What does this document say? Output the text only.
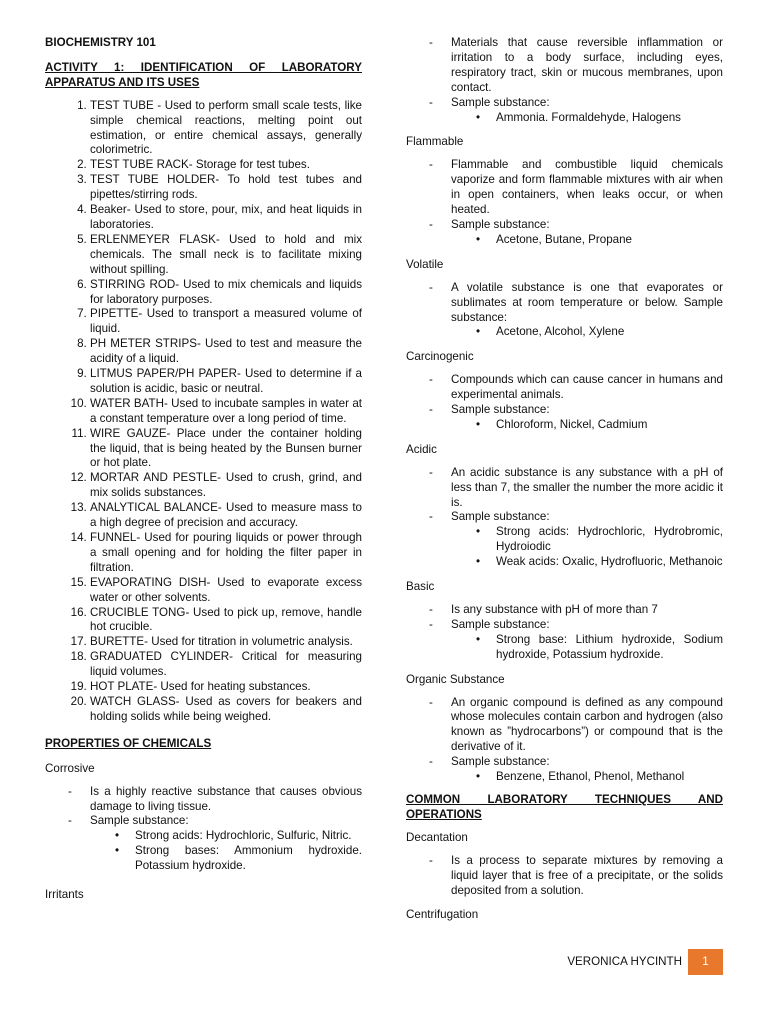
BIOCHEMISTRY 101

ACTIVITY 1: IDENTIFICATION OF LABORATORY

APPARATUS AND ITS USES

1. TEST TUBE - Used to perform small scale tests, like simple chemical reactions, melting point out estimation, or entire chemical assays, generally colorimetric.
2. TEST TUBE RACK- Storage for test tubes.
3. TEST TUBE HOLDER- To hold test tubes and pipettes/stirring rods.
4. Beaker- Used to store, pour, mix, and heat liquids in laboratories.
5. ERLENMEYER FLASK- Used to hold and mix chemicals. The small neck is to facilitate mixing without spilling.
6. STIRRING ROD- Used to mix chemicals and liquids for laboratory purposes.
7. PIPETTE- Used to transport a measured volume of liquid.
8. PH METER STRIPS- Used to test and measure the acidity of a liquid.
9. LITMUS PAPER/PH PAPER- Used to determine if a solution is acidic, basic or neutral.
10. WATER BATH- Used to incubate samples in water at a constant temperature over a long period of time.
11. WIRE GAUZE- Place under the container holding the liquid, that is being heated by the Bunsen burner or hot plate.
12. MORTAR AND PESTLE- Used to crush, grind, and mix solids substances.
13. ANALYTICAL BALANCE- Used to measure mass to a high degree of precision and accuracy.
14. FUNNEL- Used for pouring liquids or power through a small opening and for holding the filter paper in filtration.
15. EVAPORATING DISH- Used to evaporate excess water or other solvents.
16. CRUCIBLE TONG- Used to pick up, remove, handle hot crucible.
17. BURETTE- Used for titration in volumetric analysis.
18. GRADUATED CYLINDER- Critical for measuring liquid volumes.
19. HOT PLATE- Used for heating substances.
20. WATCH GLASS- Used as covers for beakers and holding solids while being weighed.

PROPERTIES OF CHEMICALS

Corrosive

- Is a highly reactive substance that causes obvious damage to living tissue.
- Sample substance:
• Strong acids: Hydrochloric, Sulfuric, Nitric.
• Strong bases: Ammonium hydroxide. Potassium hydroxide.

Irritants

- Materials that cause reversible inflammation or irritation to a body surface, including eyes, respiratory tract, skin or mucous membranes, upon contact.
- Sample substance:
• Ammonia. Formaldehyde, Halogens

Flammable

- Flammable and combustible liquid chemicals vaporize and form flammable mixtures with air when in open containers, when leaks occur, or when heated.
- Sample substance:
• Acetone, Butane, Propane

Volatile

- A volatile substance is one that evaporates or sublimates at room temperature or below. Sample substance:
• Acetone, Alcohol, Xylene

Carcinogenic

- Compounds which can cause cancer in humans and experimental animals.
- Sample substance:
• Chloroform, Nickel, Cadmium

Acidic

- An acidic substance is any substance with a pH of less than 7, the smaller the number the more acidic it is.
- Sample substance:
• Strong acids: Hydrochloric, Hydrobromic, Hydroiodic
• Weak acids: Oxalic, Hydrofluoric, Methanoic

Basic

- Is any substance with pH of more than 7
- Sample substance:
• Strong base: Lithium hydroxide, Sodium hydroxide, Potassium hydroxide.

Organic Substance

- An organic compound is defined as any compound whose molecules contain carbon and hydrogen (also known as ”hydrocarbons”) or compound that is the derivative of it.
- Sample substance:
• Benzene, Ethanol, Phenol, Methanol

COMMON LABORATORY TECHNIQUES AND

OPERATIONS

Decantation

- Is a process to separate mixtures by removing a liquid layer that is free of a precipitate, or the solids deposited from a solution.

Centrifugation

VERONICA HYCINTH	1
